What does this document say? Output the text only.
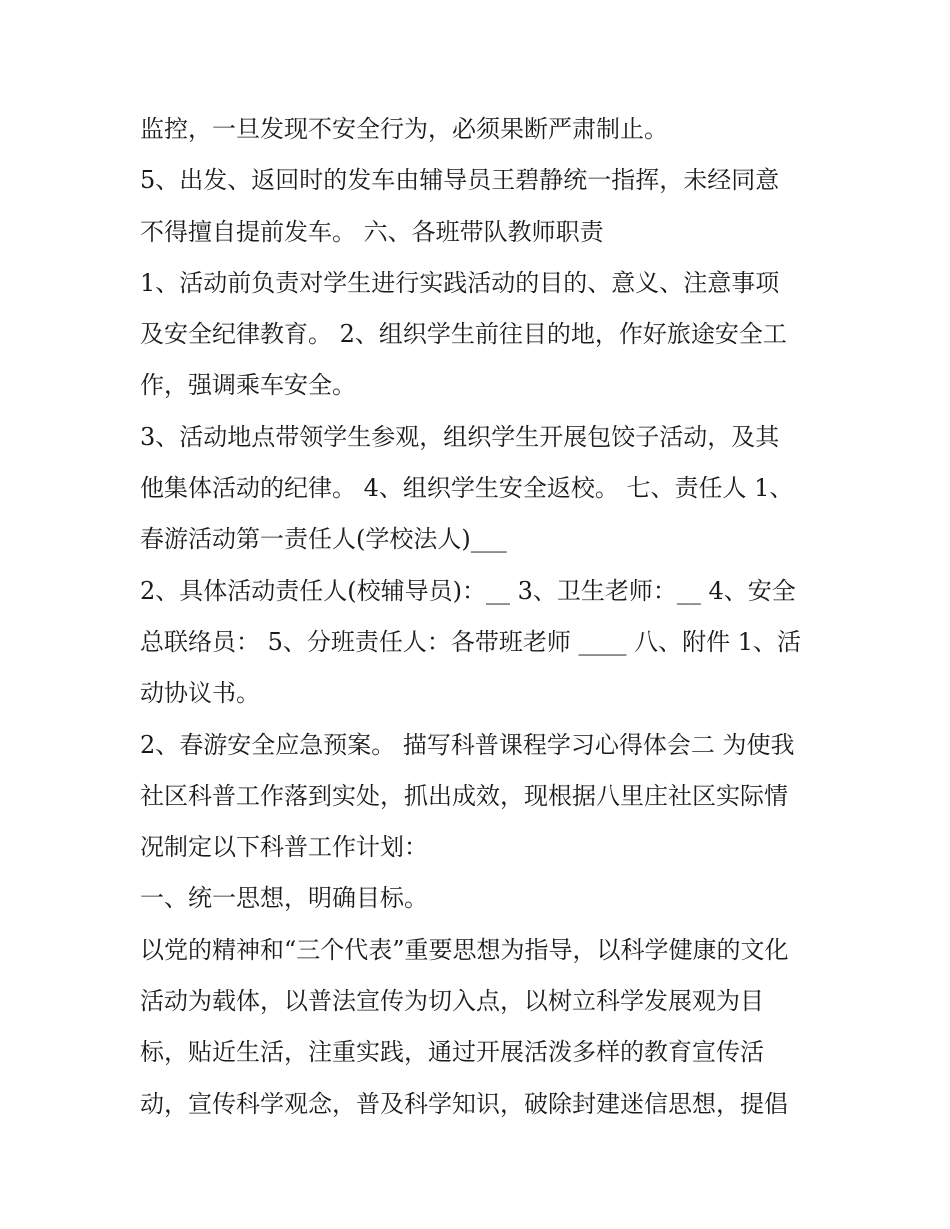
监控，一旦发现不安全行为，必须果断严肃制止。
5、出发、返回时的发车由辅导员王碧静统一指挥，未经同意
不得擅自提前发车。 六、各班带队教师职责
1、活动前负责对学生进行实践活动的目的、意义、注意事项
及安全纪律教育。 2、组织学生前往目的地，作好旅途安全工
作，强调乘车安全。
3、活动地点带领学生参观，组织学生开展包饺子活动，及其
他集体活动的纪律。 4、组织学生安全返校。 七、责任人 1、
春游活动第一责任人(学校法人)___
2、具体活动责任人(校辅导员)：__ 3、卫生老师：__ 4、安全
总联络员： 5、分班责任人：各带班老师 ____ 八、附件 1、活
动协议书。
2、春游安全应急预案。 描写科普课程学习心得体会二 为使我
社区科普工作落到实处，抓出成效，现根据八里庄社区实际情
况制定以下科普工作计划：
一、统一思想，明确目标。
以党的精神和“三个代表”重要思想为指导，以科学健康的文化
活动为载体，以普法宣传为切入点，以树立科学发展观为目
标，贴近生活，注重实践，通过开展活泼多样的教育宣传活
动，宣传科学观念，普及科学知识，破除封建迷信思想，提倡
